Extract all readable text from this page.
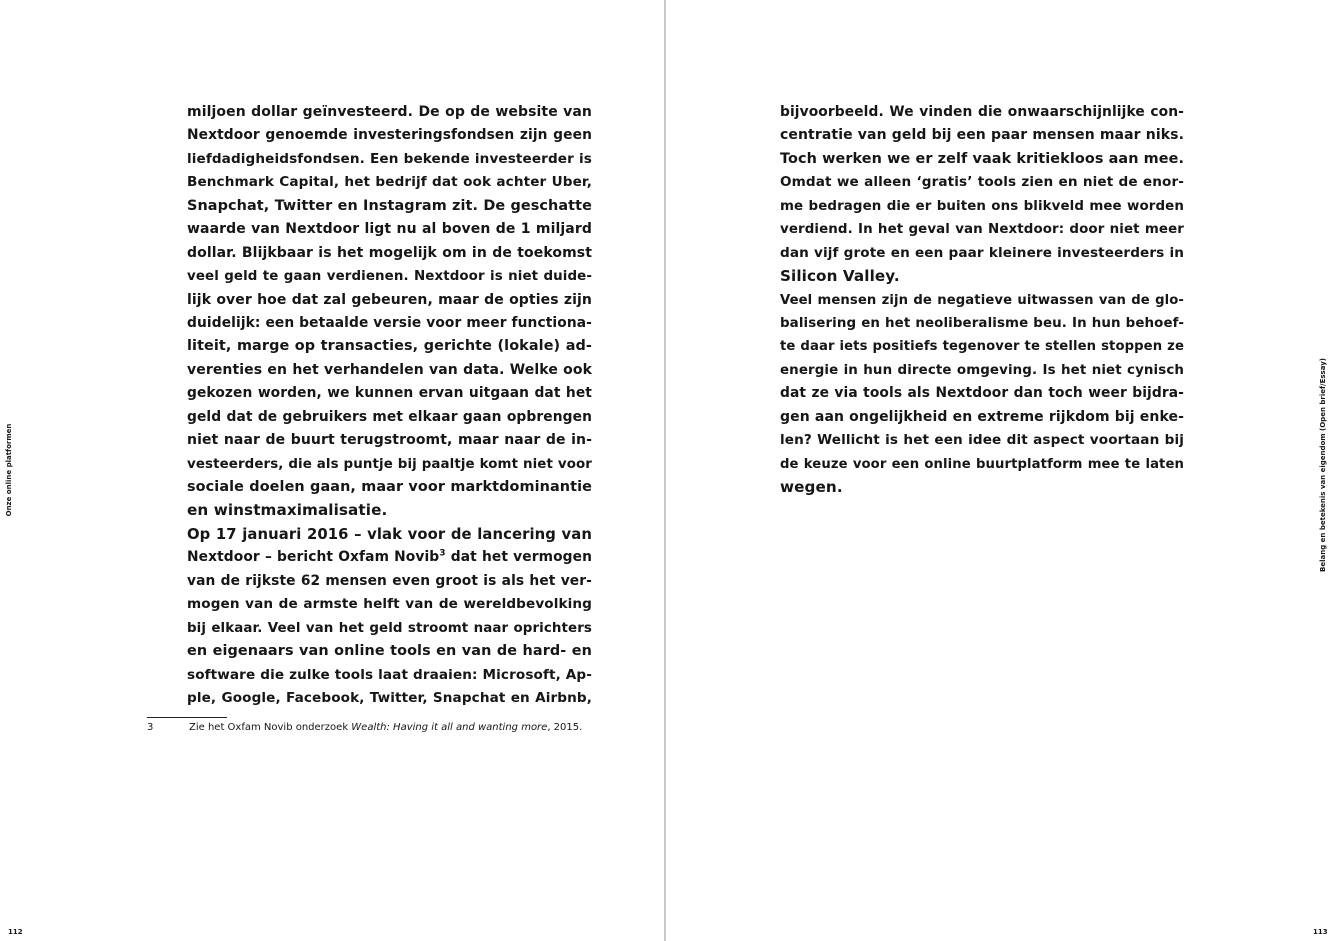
miljoen dollar geïnvesteerd. De op de website van
Nextdoor genoemde investeringsfondsen zijn geen
liefdadigheidsfondsen. Een bekende investeerder is
Benchmark Capital, het bedrijf dat ook achter Uber,
Snapchat, Twitter en Instagram zit. De geschatte
waarde van Nextdoor ligt nu al boven de 1 miljard
dollar. Blijkbaar is het mogelijk om in de toekomst
veel geld te gaan verdienen. Nextdoor is niet duide-
lijk over hoe dat zal gebeuren, maar de opties zijn
duidelijk: een betaalde versie voor meer functiona-
liteit, marge op transacties, gerichte (lokale) ad-
verenties en het verhandelen van data. Welke ook
gekozen worden, we kunnen ervan uitgaan dat het
geld dat de gebruikers met elkaar gaan opbrengen
niet naar de buurt terugstroomt, maar naar de in-
vesteerders, die als puntje bij paaltje komt niet voor
sociale doelen gaan, maar voor marktdominantie
en winstmaximalisatie.
Op 17 januari 2016 – vlak voor de lancering van
Nextdoor – bericht Oxfam Novib$^3$ dat het vermogen
van de rijkste 62 mensen even groot is als het ver-
mogen van de armste helft van de wereldbevolking
bij elkaar. Veel van het geld stroomt naar oprichters
en eigenaars van online tools en van de hard- en
software die zulke tools laat draaien: Microsoft, Ap-
ple, Google, Facebook, Twitter, Snapchat en Airbnb,
3	Zie het Oxfam Novib onderzoek Wealth: Having it all and wanting more, 2015.
Onze online platformen
112
bijvoorbeeld. We vinden die onwaarschijnlijke con-
centratie van geld bij een paar mensen maar niks.
Toch werken we er zelf vaak kritiekloos aan mee.
Omdat we alleen ‘gratis’ tools zien en niet de enor-
me bedragen die er buiten ons blikveld mee worden
verdiend. In het geval van Nextdoor: door niet meer
dan vijf grote en een paar kleinere investeerders in
Silicon Valley.
Veel mensen zijn de negatieve uitwassen van de glo-
balisering en het neoliberalisme beu. In hun behoef-
te daar iets positiefs tegenover te stellen stoppen ze
energie in hun directe omgeving. Is het niet cynisch
dat ze via tools als Nextdoor dan toch weer bijdra-
gen aan ongelijkheid en extreme rijkdom bij enke-
len? Wellicht is het een idee dit aspect voortaan bij
de keuze voor een online buurtplatform mee te laten
wegen.	Belang en betekenis van eigendom (Open brief/Essay)
113
